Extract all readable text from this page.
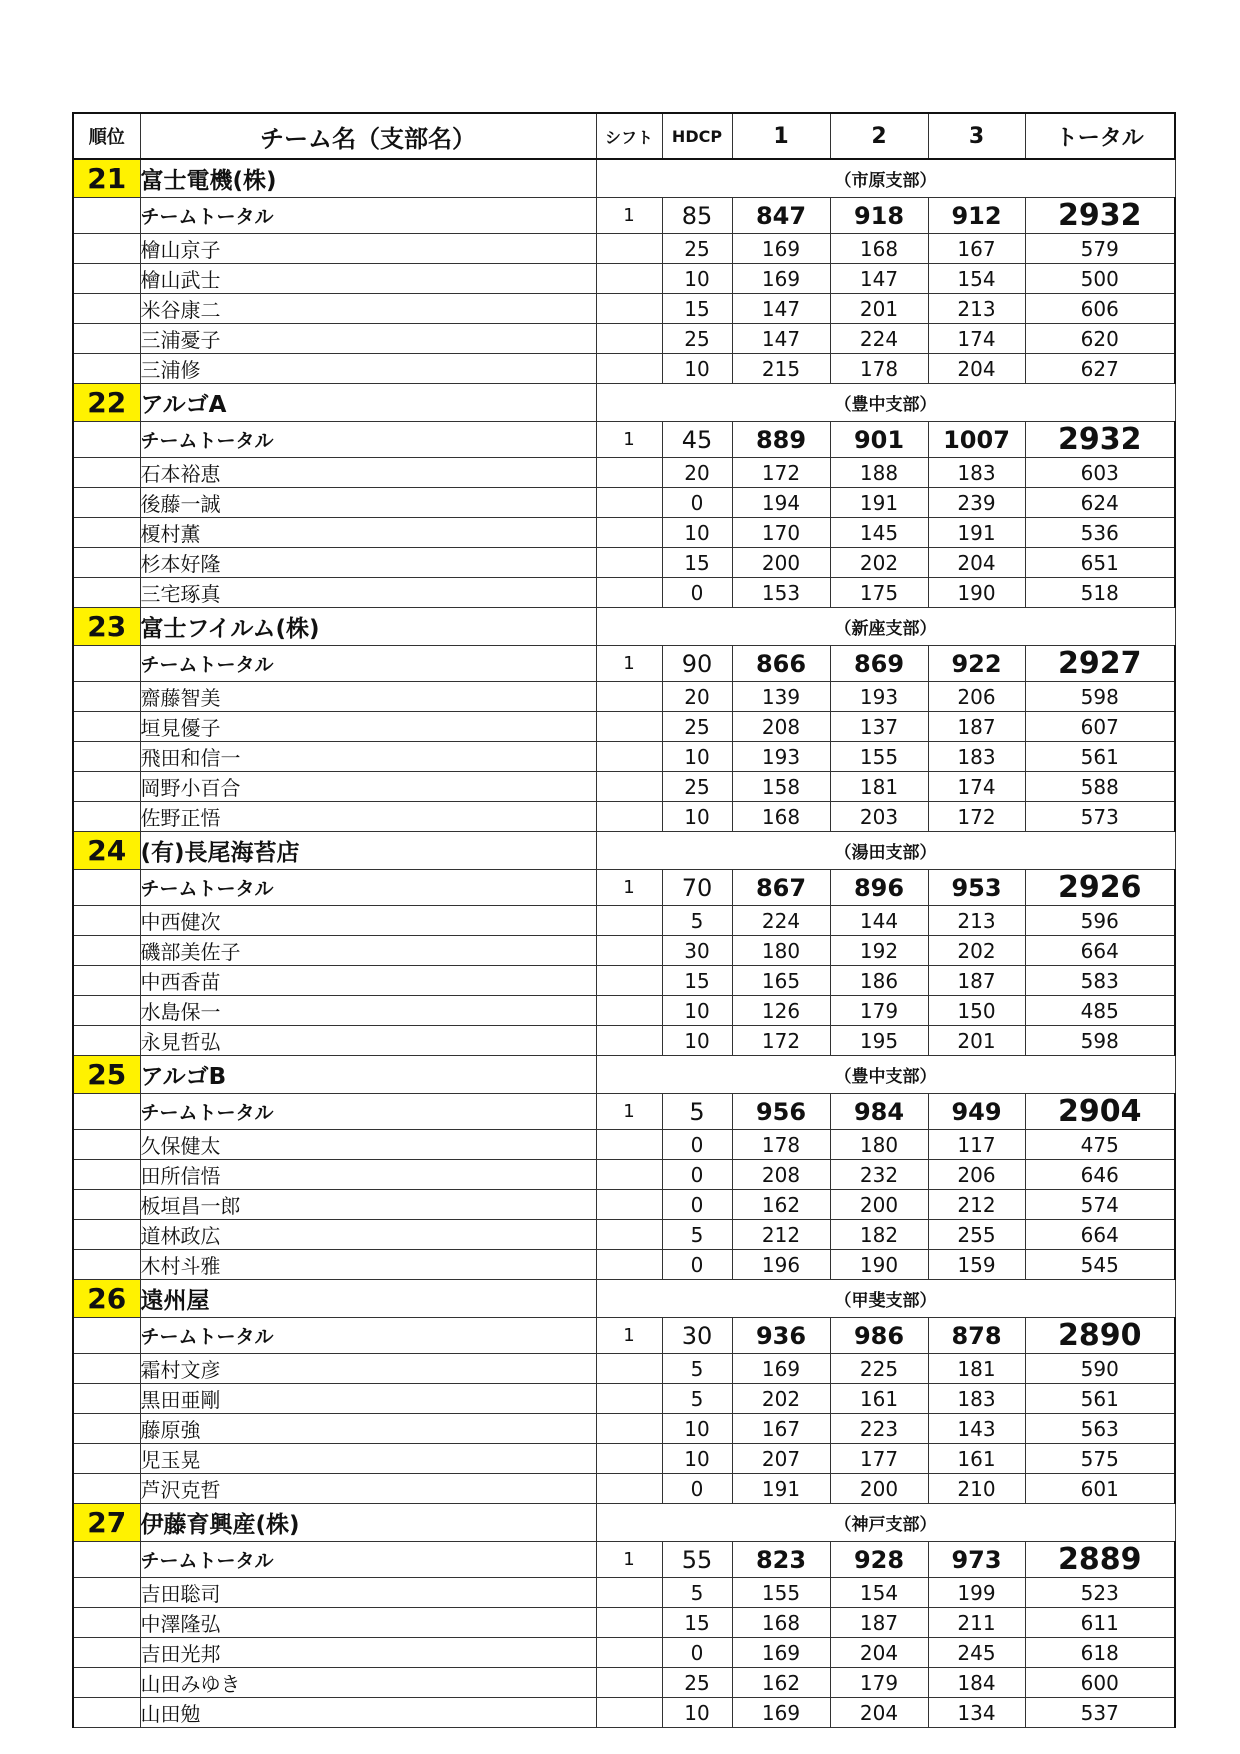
順位	チーム名（支部名）	シフト	HDCP	1	2	3	トータル
21	富士電機(株)	（市原支部）					
	チームトータル	1	85	847	918	912	2932
	檜山京子		25	169	168	167	579
	檜山武士		10	169	147	154	500
	米谷康二		15	147	201	213	606
	三浦憂子		25	147	224	174	620
	三浦修		10	215	178	204	627
22	アルゴA	（豊中支部）					
	チームトータル	1	45	889	901	1007	2932
	石本裕恵		20	172	188	183	603
	後藤一誠		0	194	191	239	624
	榎村薫		10	170	145	191	536
	杉本好隆		15	200	202	204	651
	三宅琢真		0	153	175	190	518
23	富士フイルム(株)	（新座支部）					
	チームトータル	1	90	866	869	922	2927
	齋藤智美		20	139	193	206	598
	垣見優子		25	208	137	187	607
	飛田和信一		10	193	155	183	561
	岡野小百合		25	158	181	174	588
	佐野正悟		10	168	203	172	573
24	(有)長尾海苔店	（湯田支部）					
	チームトータル	1	70	867	896	953	2926
	中西健次		5	224	144	213	596
	磯部美佐子		30	180	192	202	664
	中西香苗		15	165	186	187	583
	水島保一		10	126	179	150	485
	永見哲弘		10	172	195	201	598
25	アルゴB	（豊中支部）					
	チームトータル	1	5	956	984	949	2904
	久保健太		0	178	180	117	475
	田所信悟		0	208	232	206	646
	板垣昌一郎		0	162	200	212	574
	道林政広		5	212	182	255	664
	木村斗雅		0	196	190	159	545
26	遠州屋	（甲斐支部）					
	チームトータル	1	30	936	986	878	2890
	霜村文彦		5	169	225	181	590
	黒田亜剛		5	202	161	183	561
	藤原強		10	167	223	143	563
	児玉晃		10	207	177	161	575
	芦沢克哲		0	191	200	210	601
27	伊藤育興産(株)	（神戸支部）					
	チームトータル	1	55	823	928	973	2889
	吉田聡司		5	155	154	199	523
	中澤隆弘		15	168	187	211	611
	吉田光邦		0	169	204	245	618
	山田みゆき		25	162	179	184	600
	山田勉		10	169	204	134	537
